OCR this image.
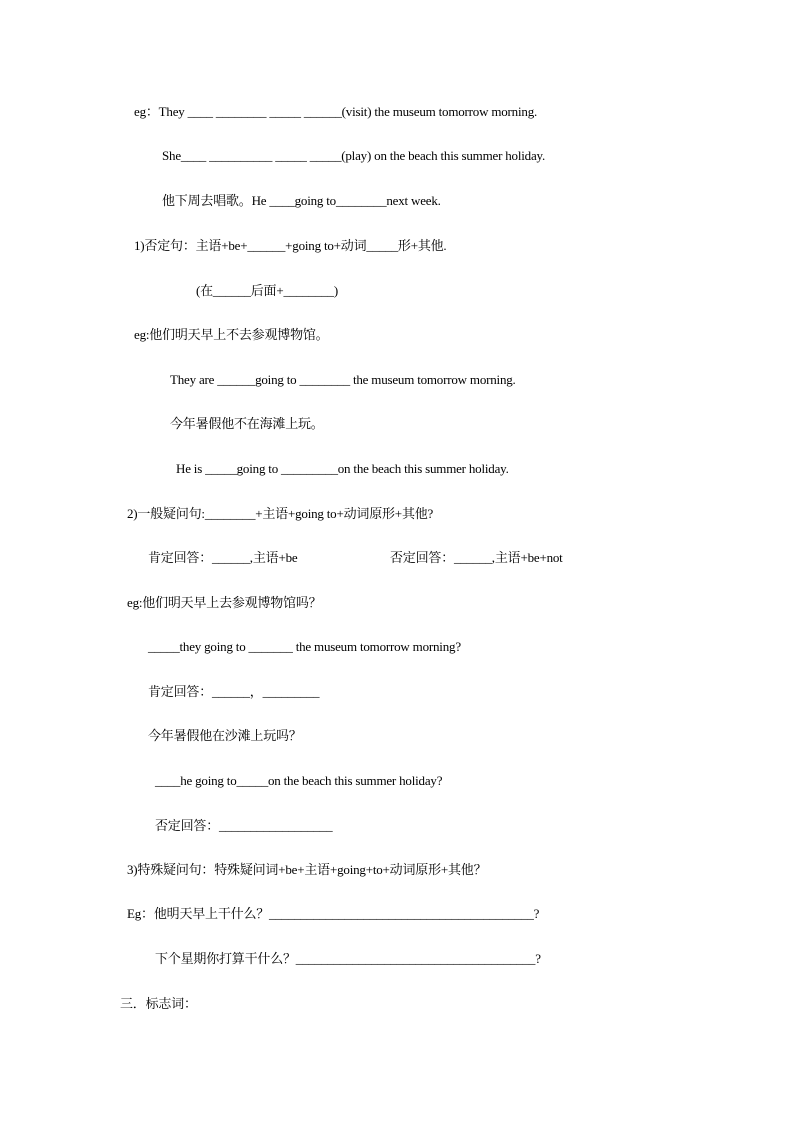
eg：They ____ ________ _____ ______(visit) the museum tomorrow morning.
She____ __________ _____ _____(play) on the beach this summer holiday.
他下周去唱歌。He ____going to________next week.
1)否定句：主语+be+______+going to+动词_____形+其他.
(在______后面+________)
eg:他们明天早上不去参观博物馆。
They are ______going to ________ the museum tomorrow morning.
今年暑假他不在海滩上玩。
He is _____going to _________on the beach this summer holiday.
2)一般疑问句:________+主语+going to+动词原形+其他?
肯定回答：______,主语+be	否定回答：______,主语+be+not
eg:他们明天早上去参观博物馆吗？
_____they going to _______ the museum tomorrow morning?
肯定回答：______，_________
今年暑假他在沙滩上玩吗？
____he going to_____on the beach this summer holiday?
否定回答：__________________
3)特殊疑问句：特殊疑问词+be+主语+going+to+动词原形+其他？
Eg：他明天早上干什么？__________________________________________?
下个星期你打算干什么？______________________________________?
三．标志词：
